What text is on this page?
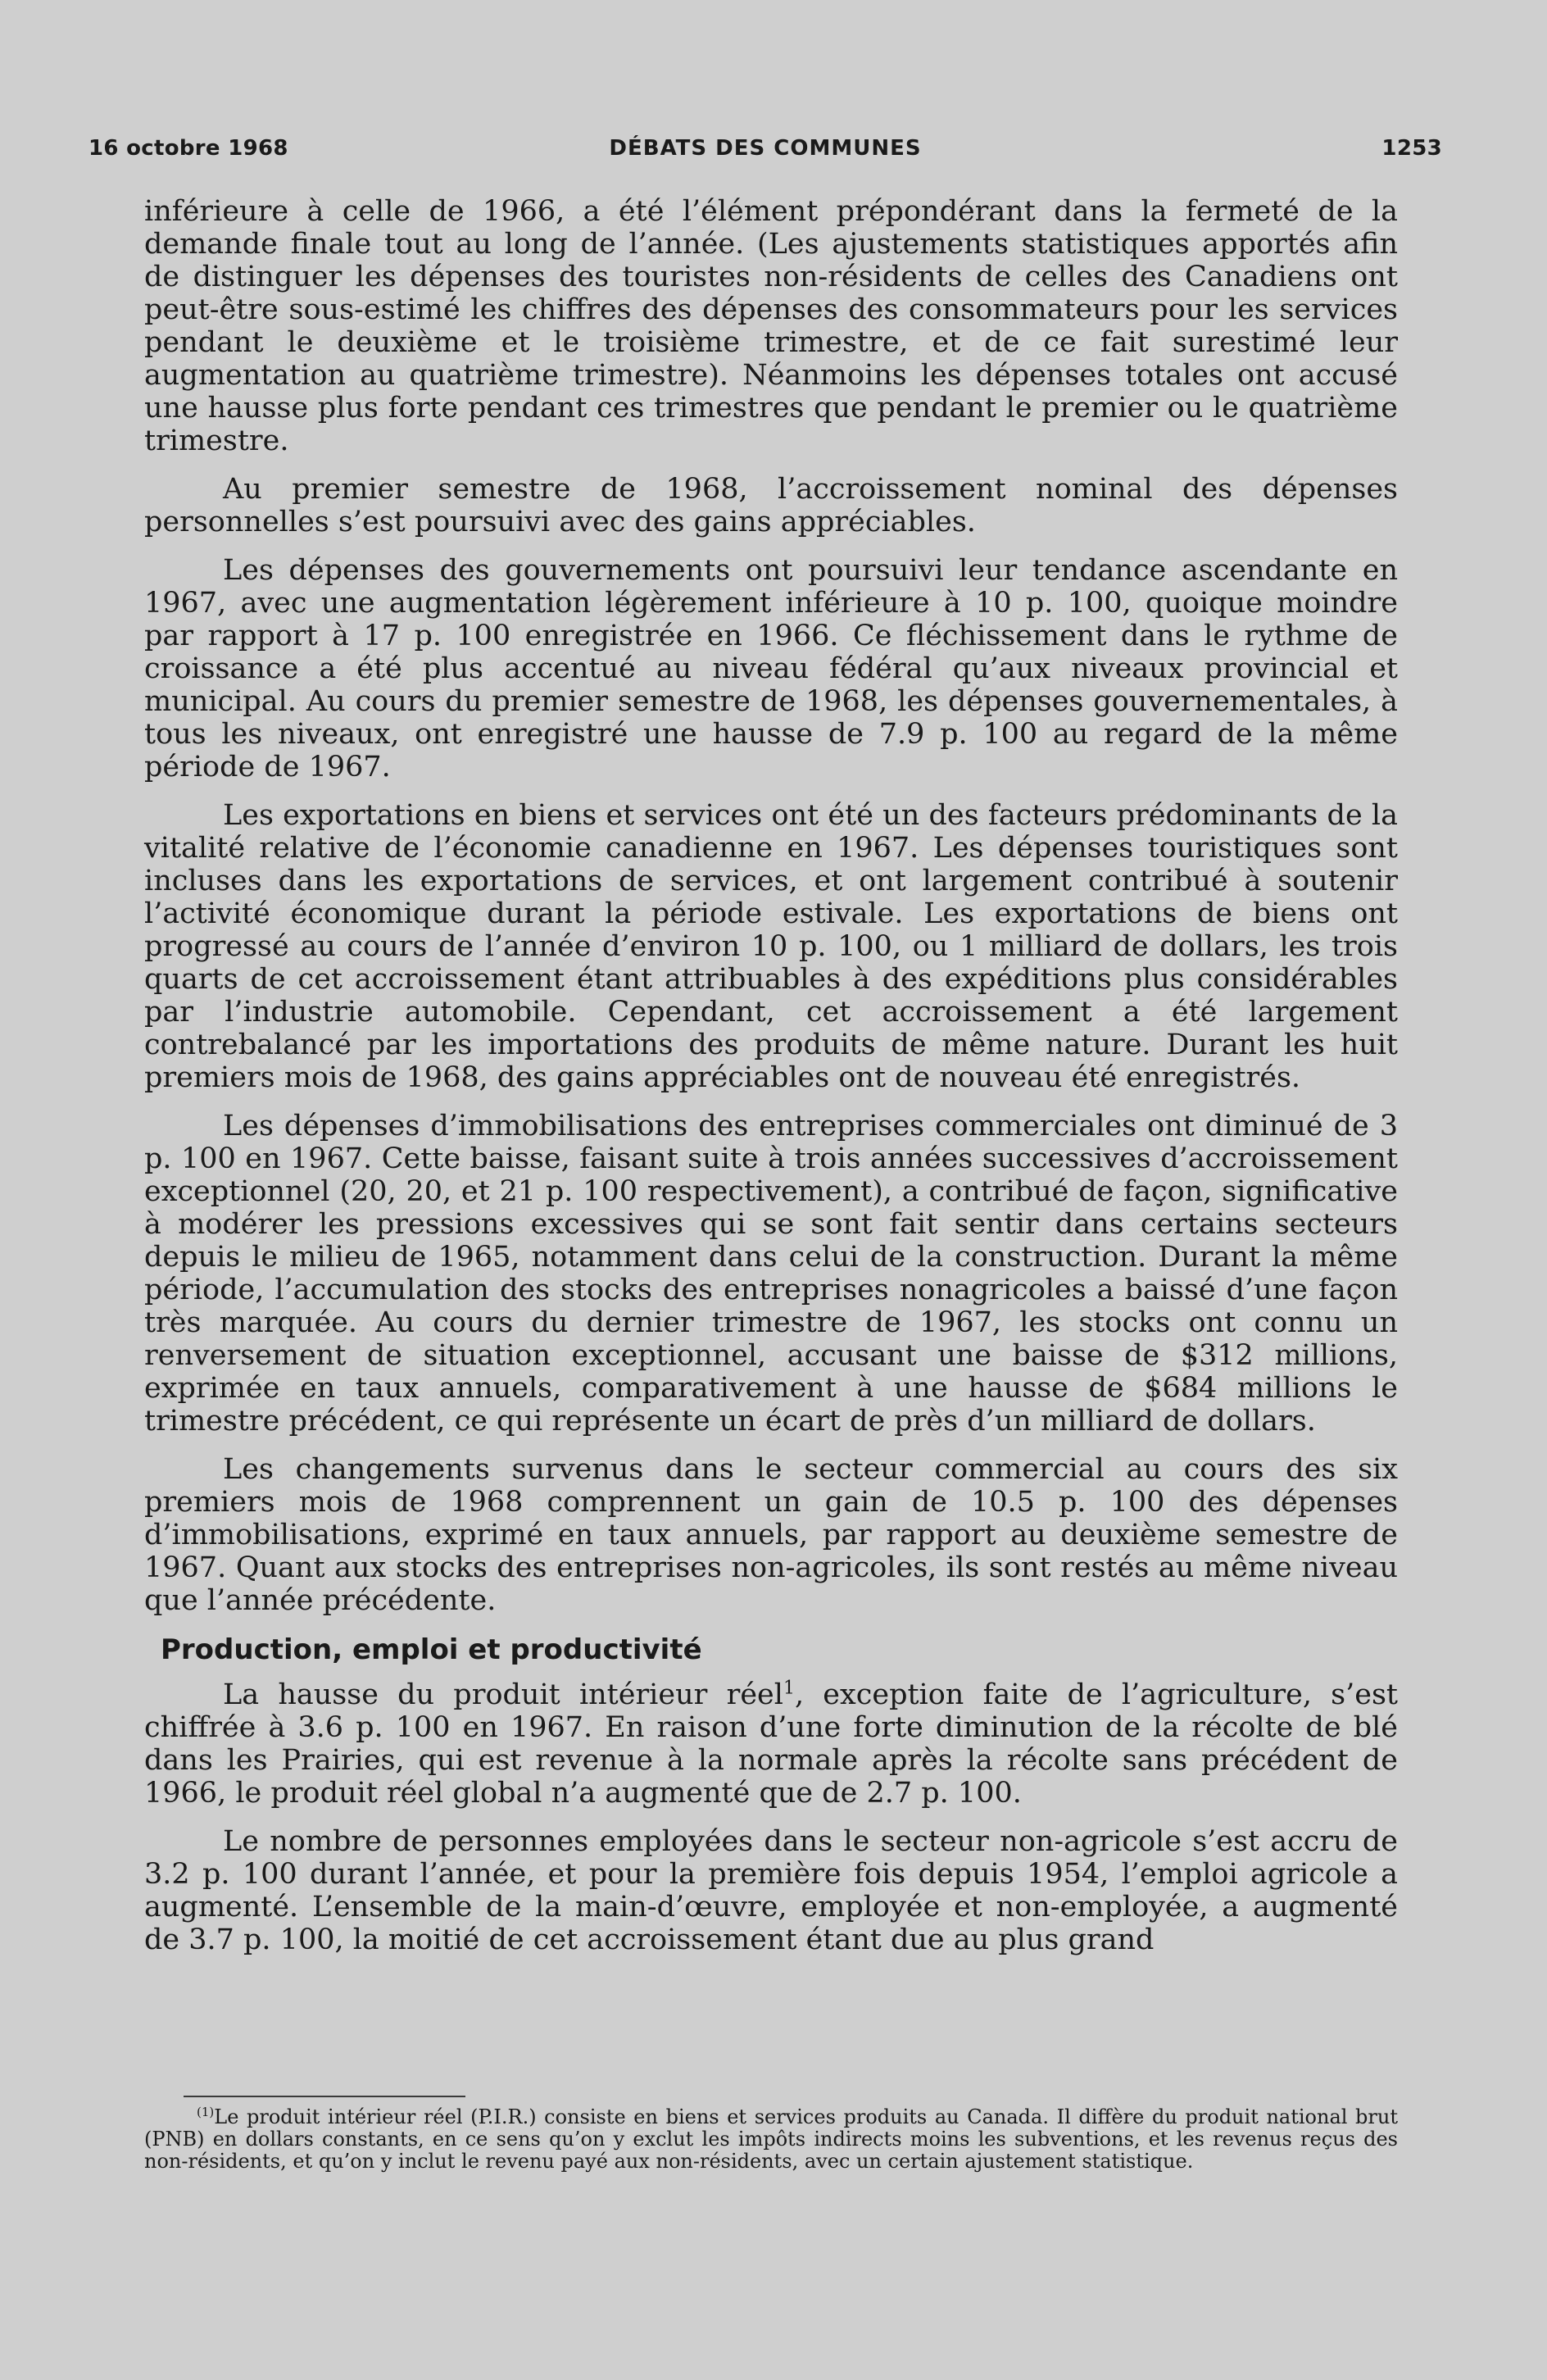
16 octobre 1968	DÉBATS DES COMMUNES	1253

inférieure à celle de 1966, a été l’élément prépondérant dans la fermeté de la demande finale tout au long de l’année. (Les ajustements statistiques apportés afin de distinguer les dépenses des touristes non-résidents de celles des Canadiens ont peut-être sous-estimé les chiffres des dépenses des consommateurs pour les services pendant le deuxième et le troisième trimestre, et de ce fait surestimé leur augmentation au quatrième trimestre). Néanmoins les dépenses totales ont accusé une hausse plus forte pendant ces trimestres que pendant le premier ou le quatrième trimestre.

Au premier semestre de 1968, l’accroissement nominal des dépenses personnelles s’est poursuivi avec des gains appréciables.

Les dépenses des gouvernements ont poursuivi leur tendance ascendante en 1967, avec une augmentation légèrement inférieure à 10 p. 100, quoique moindre par rapport à 17 p. 100 enregistrée en 1966. Ce fléchissement dans le rythme de croissance a été plus accentué au niveau fédéral qu’aux niveaux provincial et municipal. Au cours du premier semestre de 1968, les dépenses gouvernementales, à tous les niveaux, ont enregistré une hausse de 7.9 p. 100 au regard de la même période de 1967.

Les exportations en biens et services ont été un des facteurs prédominants de la vitalité relative de l’économie canadienne en 1967. Les dépenses touristiques sont incluses dans les exportations de services, et ont largement contribué à soutenir l’activité économique durant la période estivale. Les exportations de biens ont progressé au cours de l’année d’environ 10 p. 100, ou 1 milliard de dollars, les trois quarts de cet accroissement étant attribuables à des expéditions plus considérables par l’industrie automobile. Cependant, cet accroissement a été largement contrebalancé par les importations des produits de même nature. Durant les huit premiers mois de 1968, des gains appréciables ont de nouveau été enregistrés.

Les dépenses d’immobilisations des entreprises commerciales ont diminué de 3 p. 100 en 1967. Cette baisse, faisant suite à trois années successives d’accroissement exceptionnel (20, 20, et 21 p. 100 respectivement), a contribué de façon, significative à modérer les pressions excessives qui se sont fait sentir dans certains secteurs depuis le milieu de 1965, notamment dans celui de la construction. Durant la même période, l’accumulation des stocks des entreprises nonagricoles a baissé d’une façon très marquée. Au cours du dernier trimestre de 1967, les stocks ont connu un renversement de situation exceptionnel, accusant une baisse de $312 millions, exprimée en taux annuels, comparativement à une hausse de $684 millions le trimestre précédent, ce qui représente un écart de près d’un milliard de dollars.

Les changements survenus dans le secteur commercial au cours des six premiers mois de 1968 comprennent un gain de 10.5 p. 100 des dépenses d’immobilisations, exprimé en taux annuels, par rapport au deuxième semestre de 1967. Quant aux stocks des entreprises non-agricoles, ils sont restés au même niveau que l’année précédente.

Production, emploi et productivité

La hausse du produit intérieur réel$^1$, exception faite de l’agriculture, s’est chiffrée à 3.6 p. 100 en 1967. En raison d’une forte diminution de la récolte de blé dans les Prairies, qui est revenue à la normale après la récolte sans précédent de 1966, le produit réel global n’a augmenté que de 2.7 p. 100.

Le nombre de personnes employées dans le secteur non-agricole s’est accru de 3.2 p. 100 durant l’année, et pour la première fois depuis 1954, l’emploi agricole a augmenté. L’ensemble de la main-d’œuvre, employée et non-employée, a augmenté de 3.7 p. 100, la moitié de cet accroissement étant due au plus grand

$^{(1)}$Le produit intérieur réel (P.I.R.) consiste en biens et services produits au Canada. Il diffère du produit national brut (PNB) en dollars constants, en ce sens qu’on y exclut les impôts indirects moins les subventions, et les revenus reçus des non-résidents, et qu’on y inclut le revenu payé aux non-résidents, avec un certain ajustement statistique.
